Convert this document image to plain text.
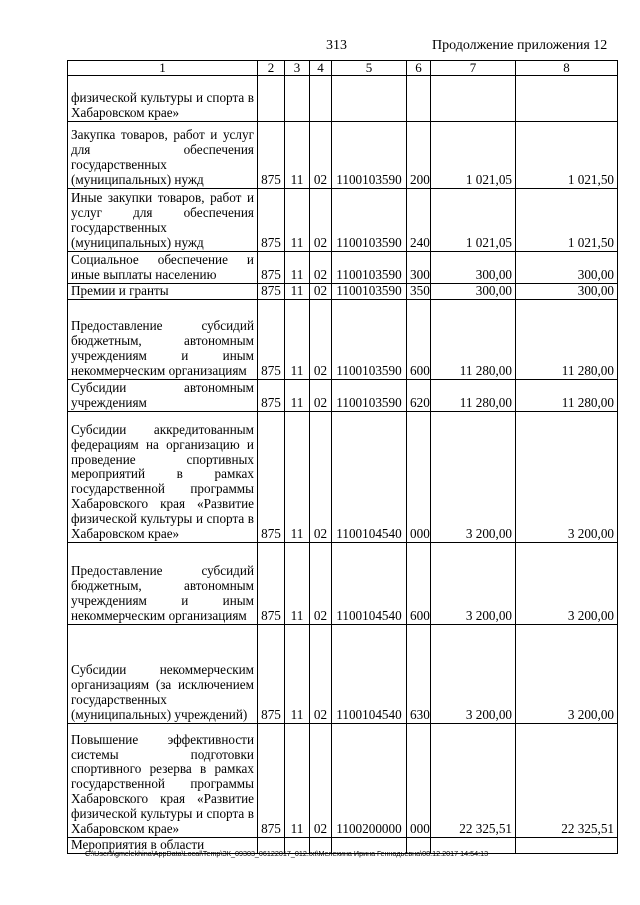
313	Продолжение приложения 12
1	2	3	4	5	6	7	8
физической культуры и спорта в Хабаровском крае»							
Закупка товаров, работ и услуг для обеспечения государственных (муниципальных) нужд	875	11	02	1100103590	200	1 021,05	1 021,50
Иные закупки товаров, работ и услуг для обеспечения государственных (муниципальных) нужд	875	11	02	1100103590	240	1 021,05	1 021,50
Социальное обеспечение и иные выплаты населению	875	11	02	1100103590	300	300,00	300,00
Премии и гранты	875	11	02	1100103590	350	300,00	300,00
Предоставление субсидий бюджетным, автономным учреждениям и иным некоммерческим организациям	875	11	02	1100103590	600	11 280,00	11 280,00
Субсидии автономным учреждениям	875	11	02	1100103590	620	11 280,00	11 280,00
Субсидии аккредитованным федерациям на организацию и проведение спортивных мероприятий в рамках государственной программы Хабаровского края «Развитие физической культуры и спорта в Хабаровском крае»	875	11	02	1100104540	000	3 200,00	3 200,00
Предоставление субсидий бюджетным, автономным учреждениям и иным некоммерческим организациям	875	11	02	1100104540	600	3 200,00	3 200,00
Субсидии некоммерческим организациям (за исключением государственных (муниципальных) учреждений)	875	11	02	1100104540	630	3 200,00	3 200,00
Повышение эффективности системы подготовки спортивного резерва в рамках государственной программы Хабаровского края «Развитие физической культуры и спорта в Хабаровском крае»	875	11	02	1100200000	000	22 325,51	22 325,51
Мероприятия в области							
C:\Users\gmelekhina\AppData\Local\Temp\ЗК_09303_06122017_012.txt\Мелехина Ирина Геннадьевна\08.12.2017 14:54:13
